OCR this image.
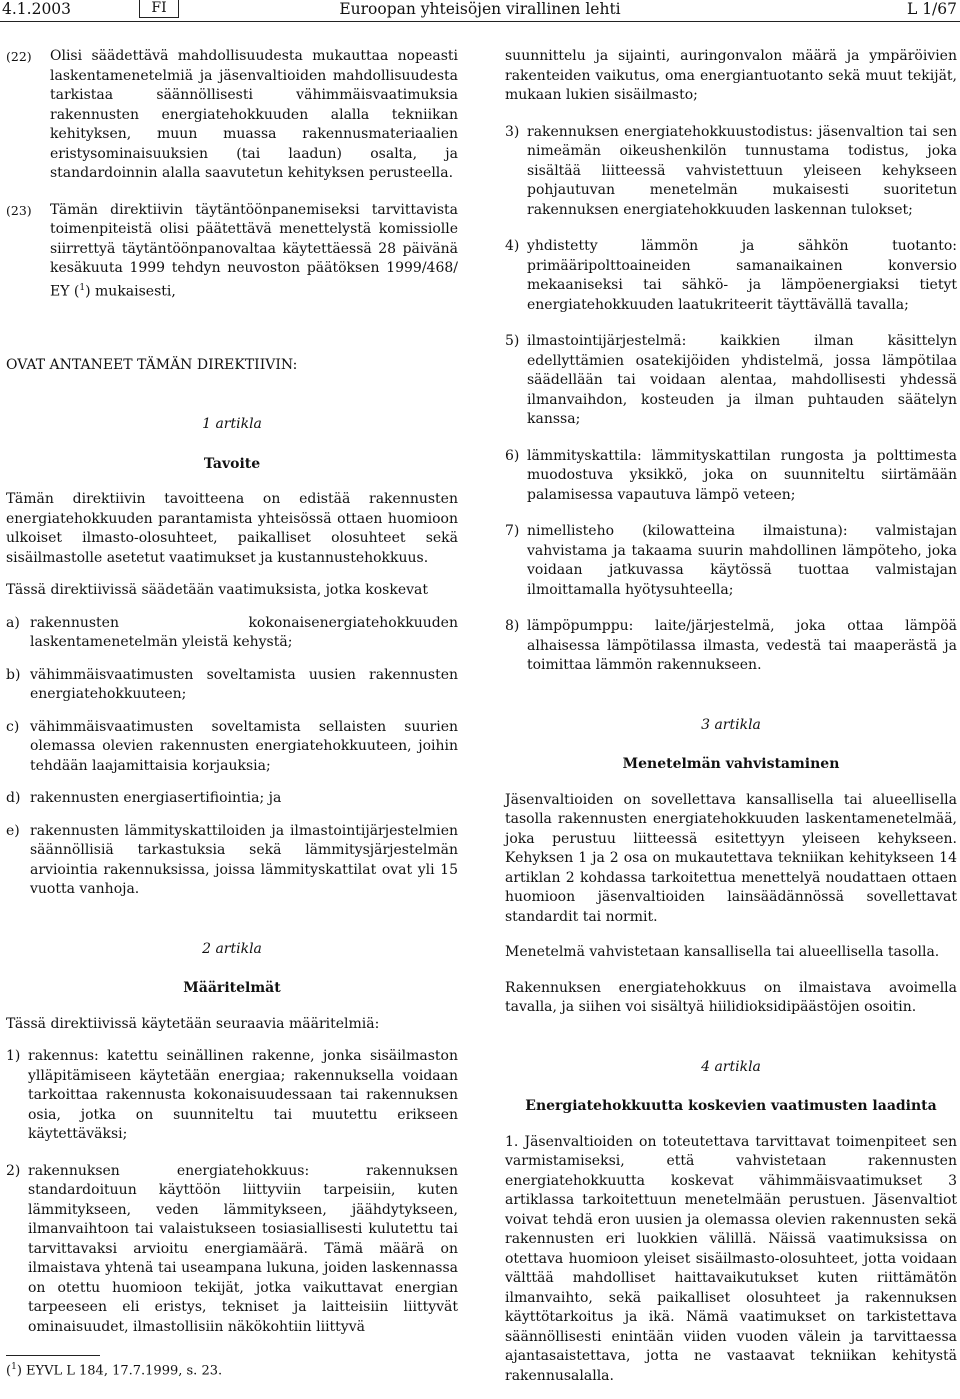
4.1.2003	FI	Euroopan yhteisöjen virallinen lehti	L 1/67
(22)	Olisi säädettävä mahdollisuudesta mukauttaa nopeasti laskentamenetelmiä ja jäsenvaltioiden mahdollisuudesta tarkistaa säännöllisesti vähimmäisvaatimuksia rakennusten energiatehokkuuden alalla tekniikan kehityksen, muun muassa rakennusmateriaalien eristysominaisuuksien (tai laadun) osalta, ja standardoinnin alalla saavutetun kehityksen perusteella.
(23)	Tämän direktiivin täytäntöönpanemiseksi tarvittavista toimenpiteistä olisi päätettävä menettelystä komissiolle siirrettyä täytäntöönpanovaltaa käytettäessä 28 päivänä kesäkuuta 1999 tehdyn neuvoston päätöksen 1999/468/ EY ($^1$) mukaisesti,

OVAT ANTANEET TÄMÄN DIREKTIIVIN:

1 artikla
Tavoite

Tämän direktiivin tavoitteena on edistää rakennusten energiatehokkuuden parantamista yhteisössä ottaen huomioon ulkoiset ilmasto-olosuhteet, paikalliset olosuhteet sekä sisäilmastolle asetetut vaatimukset ja kustannustehokkuus.

Tässä direktiivissä säädetään vaatimuksista, jotka koskevat

a) rakennusten kokonaisenergiatehokkuuden laskentamenetelmän yleistä kehystä;
b) vähimmäisvaatimusten soveltamista uusien rakennusten energiatehokkuuteen;
c) vähimmäisvaatimusten soveltamista sellaisten suurien olemassa olevien rakennusten energiatehokkuuteen, joihin tehdään laajamittaisia korjauksia;
d) rakennusten energiasertifiointia; ja
e) rakennusten lämmityskattiloiden ja ilmastointijärjestelmien säännöllisiä tarkastuksia sekä lämmitysjärjestelmän arviointia rakennuksissa, joissa lämmityskattilat ovat yli 15 vuotta vanhoja.
2 artikla
Määritelmät

Tässä direktiivissä käytetään seuraavia määritelmiä:

1) rakennus: katettu seinällinen rakenne, jonka sisäilmaston ylläpitämiseen käytetään energiaa; rakennuksella voidaan tarkoittaa rakennusta kokonaisuudessaan tai rakennuksen osia, jotka on suunniteltu tai muutettu erikseen käytettäväksi;
2) rakennuksen energiatehokkuus: rakennuksen standardoituun käyttöön liittyviin tarpeisiin, kuten lämmitykseen, veden lämmitykseen, jäähdytykseen, ilmanvaihtoon tai valaistukseen tosiasiallisesti kulutettu tai tarvittavaksi arvioitu energiamäärä. Tämä määrä on ilmaistava yhtenä tai useampana lukuna, joiden laskennassa on otettu huomioon tekijät, jotka vaikuttavat energian tarpeeseen eli eristys, tekniset ja laitteisiin liittyvät ominaisuudet, ilmastollisiin näkökohtiin liittyvä
($^1$) EYVL L 184, 17.7.1999, s. 23.

suunnittelu ja sijainti, auringonvalon määrä ja ympäröivien rakenteiden vaikutus, oma energiantuotanto sekä muut tekijät, mukaan lukien sisäilmasto;

3) rakennuksen energiatehokkuustodistus: jäsenvaltion tai sen nimeämän oikeushenkilön tunnustama todistus, joka sisältää liitteessä vahvistettuun yleiseen kehykseen pohjautuvan menetelmän mukaisesti suoritetun rakennuksen energiatehokkuuden laskennan tulokset;
4) yhdistetty lämmön ja sähkön tuotanto: primääripolttoaineiden samanaikainen konversio mekaaniseksi tai sähkö- ja lämpöenergiaksi tietyt energiatehokkuuden laatukriteerit täyttävällä tavalla;
5) ilmastointijärjestelmä: kaikkien ilman käsittelyn edellyttämien osatekijöiden yhdistelmä, jossa lämpötilaa säädellään tai voidaan alentaa, mahdollisesti yhdessä ilmanvaihdon, kosteuden ja ilman puhtauden säätelyn kanssa;
6) lämmityskattila: lämmityskattilan rungosta ja polttimesta muodostuva yksikkö, joka on suunniteltu siirtämään palamisessa vapautuva lämpö veteen;
7) nimellisteho (kilowatteina ilmaistuna): valmistajan vahvistama ja takaama suurin mahdollinen lämpöteho, joka voidaan jatkuvassa käytössä tuottaa valmistajan ilmoittamalla hyötysuhteella;
8) lämpöpumppu: laite/järjestelmä, joka ottaa lämpöä alhaisessa lämpötilassa ilmasta, vedestä tai maaperästä ja toimittaa lämmön rakennukseen.
3 artikla
Menetelmän vahvistaminen

Jäsenvaltioiden on sovellettava kansallisella tai alueellisella tasolla rakennusten energiatehokkuuden laskentamenetelmää, joka perustuu liitteessä esitettyyn yleiseen kehykseen. Kehyksen 1 ja 2 osa on mukautettava tekniikan kehitykseen 14 artiklan 2 kohdassa tarkoitettua menettelyä noudattaen ottaen huomioon jäsenvaltioiden lainsäädännössä sovellettavat standardit tai normit.

Menetelmä vahvistetaan kansallisella tai alueellisella tasolla.

Rakennuksen energiatehokkuus on ilmaistava avoimella tavalla, ja siihen voi sisältyä hiilidioksidipäästöjen osoitin.

4 artikla
Energiatehokkuutta koskevien vaatimusten laadinta

1. Jäsenvaltioiden on toteutettava tarvittavat toimenpiteet sen varmistamiseksi, että vahvistetaan rakennusten energiatehokkuutta koskevat vähimmäisvaatimukset 3 artiklassa tarkoitettuun menetelmään perustuen. Jäsenvaltiot voivat tehdä eron uusien ja olemassa olevien rakennusten sekä rakennusten eri luokkien välillä. Näissä vaatimuksissa on otettava huomioon yleiset sisäilmasto-olosuhteet, jotta voidaan välttää mahdolliset haittavaikutukset kuten riittämätön ilmanvaihto, sekä paikalliset olosuhteet ja rakennuksen käyttötarkoitus ja ikä. Nämä vaatimukset on tarkistettava säännöllisesti enintään viiden vuoden välein ja tarvittaessa ajantasaistettava, jotta ne vastaavat tekniikan kehitystä rakennusalalla.
